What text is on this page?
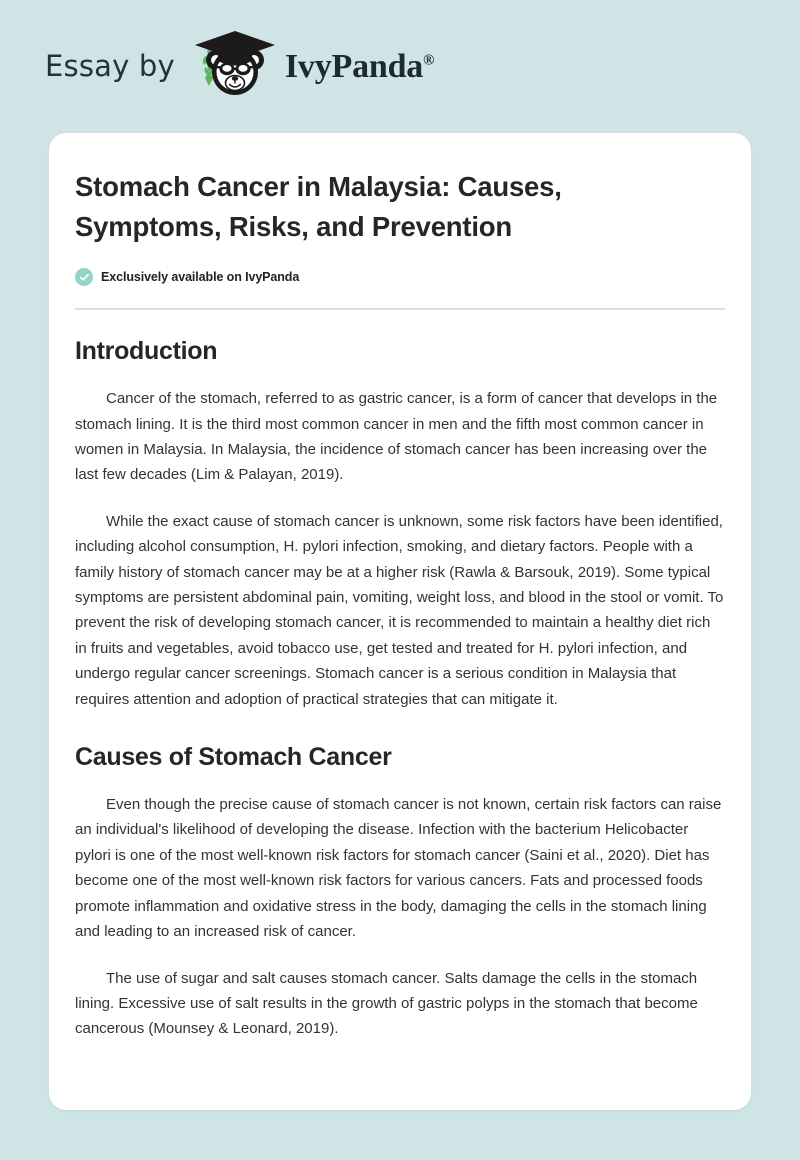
Essay by	IvyPanda®
Stomach Cancer in Malaysia: Causes, Symptoms, Risks, and Prevention
Exclusively available on IvyPanda
Introduction

Cancer of the stomach, referred to as gastric cancer, is a form of cancer that develops in the stomach lining. It is the third most common cancer in men and the fifth most common cancer in women in Malaysia. In Malaysia, the incidence of stomach cancer has been increasing over the last few decades (Lim & Palayan, 2019).

While the exact cause of stomach cancer is unknown, some risk factors have been identified, including alcohol consumption, H. pylori infection, smoking, and dietary factors. People with a family history of stomach cancer may be at a higher risk (Rawla & Barsouk, 2019). Some typical symptoms are persistent abdominal pain, vomiting, weight loss, and blood in the stool or vomit. To prevent the risk of developing stomach cancer, it is recommended to maintain a healthy diet rich in fruits and vegetables, avoid tobacco use, get tested and treated for H. pylori infection, and undergo regular cancer screenings. Stomach cancer is a serious condition in Malaysia that requires attention and adoption of practical strategies that can mitigate it.

Causes of Stomach Cancer

Even though the precise cause of stomach cancer is not known, certain risk factors can raise an individual's likelihood of developing the disease. Infection with the bacterium Helicobacter pylori is one of the most well-known risk factors for stomach cancer (Saini et al., 2020). Diet has become one of the most well-known risk factors for various cancers. Fats and processed foods promote inflammation and oxidative stress in the body, damaging the cells in the stomach lining and leading to an increased risk of cancer.

The use of sugar and salt causes stomach cancer. Salts damage the cells in the stomach lining. Excessive use of salt results in the growth of gastric polyps in the stomach that become cancerous (Mounsey & Leonard, 2019).
